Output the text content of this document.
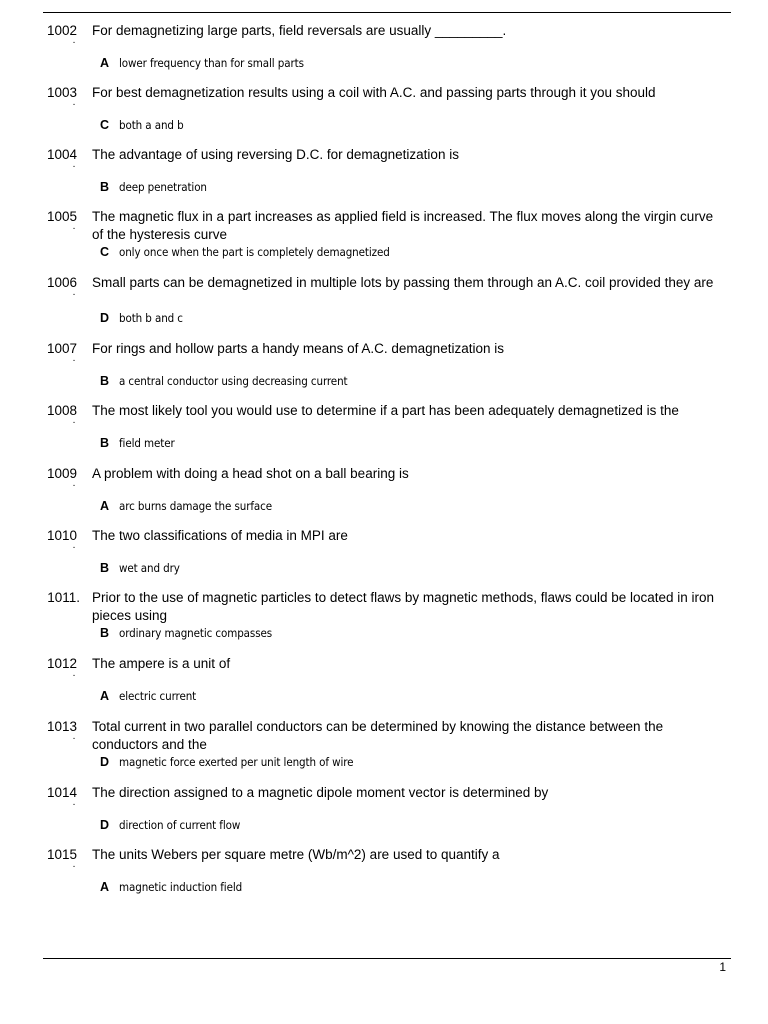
1002
.
For demagnetizing large parts, field reversals are usually _________.
A lower frequency than for small parts
1003
.
For best demagnetization results using a coil with A.C. and passing parts through it you should
C both a and b
1004
.
The advantage of using reversing D.C. for demagnetization is
B deep penetration
1005
.
The magnetic flux in a part increases as applied field is increased. The flux moves along the virgin curve of the hysteresis curve
C only once when the part is completely demagnetized
1006
.
Small parts can be demagnetized in multiple lots by passing them through an A.C. coil provided they are
D both b and c
1007
.
For rings and hollow parts a handy means of A.C. demagnetization is
B a central conductor using decreasing current
1008
.
The most likely tool you would use to determine if a part has been adequately demagnetized is the
B field meter
1009
.
A problem with doing a head shot on a ball bearing is
A arc burns damage the surface
1010
.
The two classifications of media in MPI are
B wet and dry
1011. Prior to the use of magnetic particles to detect flaws by magnetic methods, flaws could be located in iron pieces using
B ordinary magnetic compasses
1012
.
The ampere is a unit of
A electric current
1013
.
Total current in two parallel conductors can be determined by knowing the distance between the conductors and the
D magnetic force exerted per unit length of wire
1014
.
The direction assigned to a magnetic dipole moment vector is determined by
D direction of current flow
1015
.
The units Webers per square metre (Wb/m^2) are used to quantify a
A magnetic induction field
1
